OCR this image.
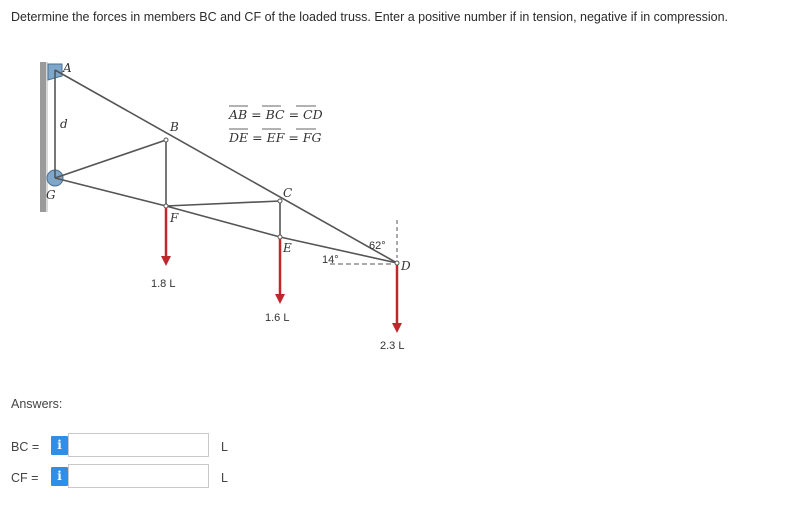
Determine the forces in members BC and CF of the loaded truss. Enter a positive number if in tension, negative if in compression.
A
d
G
B
F
C
E
D
AB = BC = CD
DE = EF = FG
14°
62°
1.8 L
1.6 L
2.3 L
Answers:
BC =	i	L
CF =	i	L
